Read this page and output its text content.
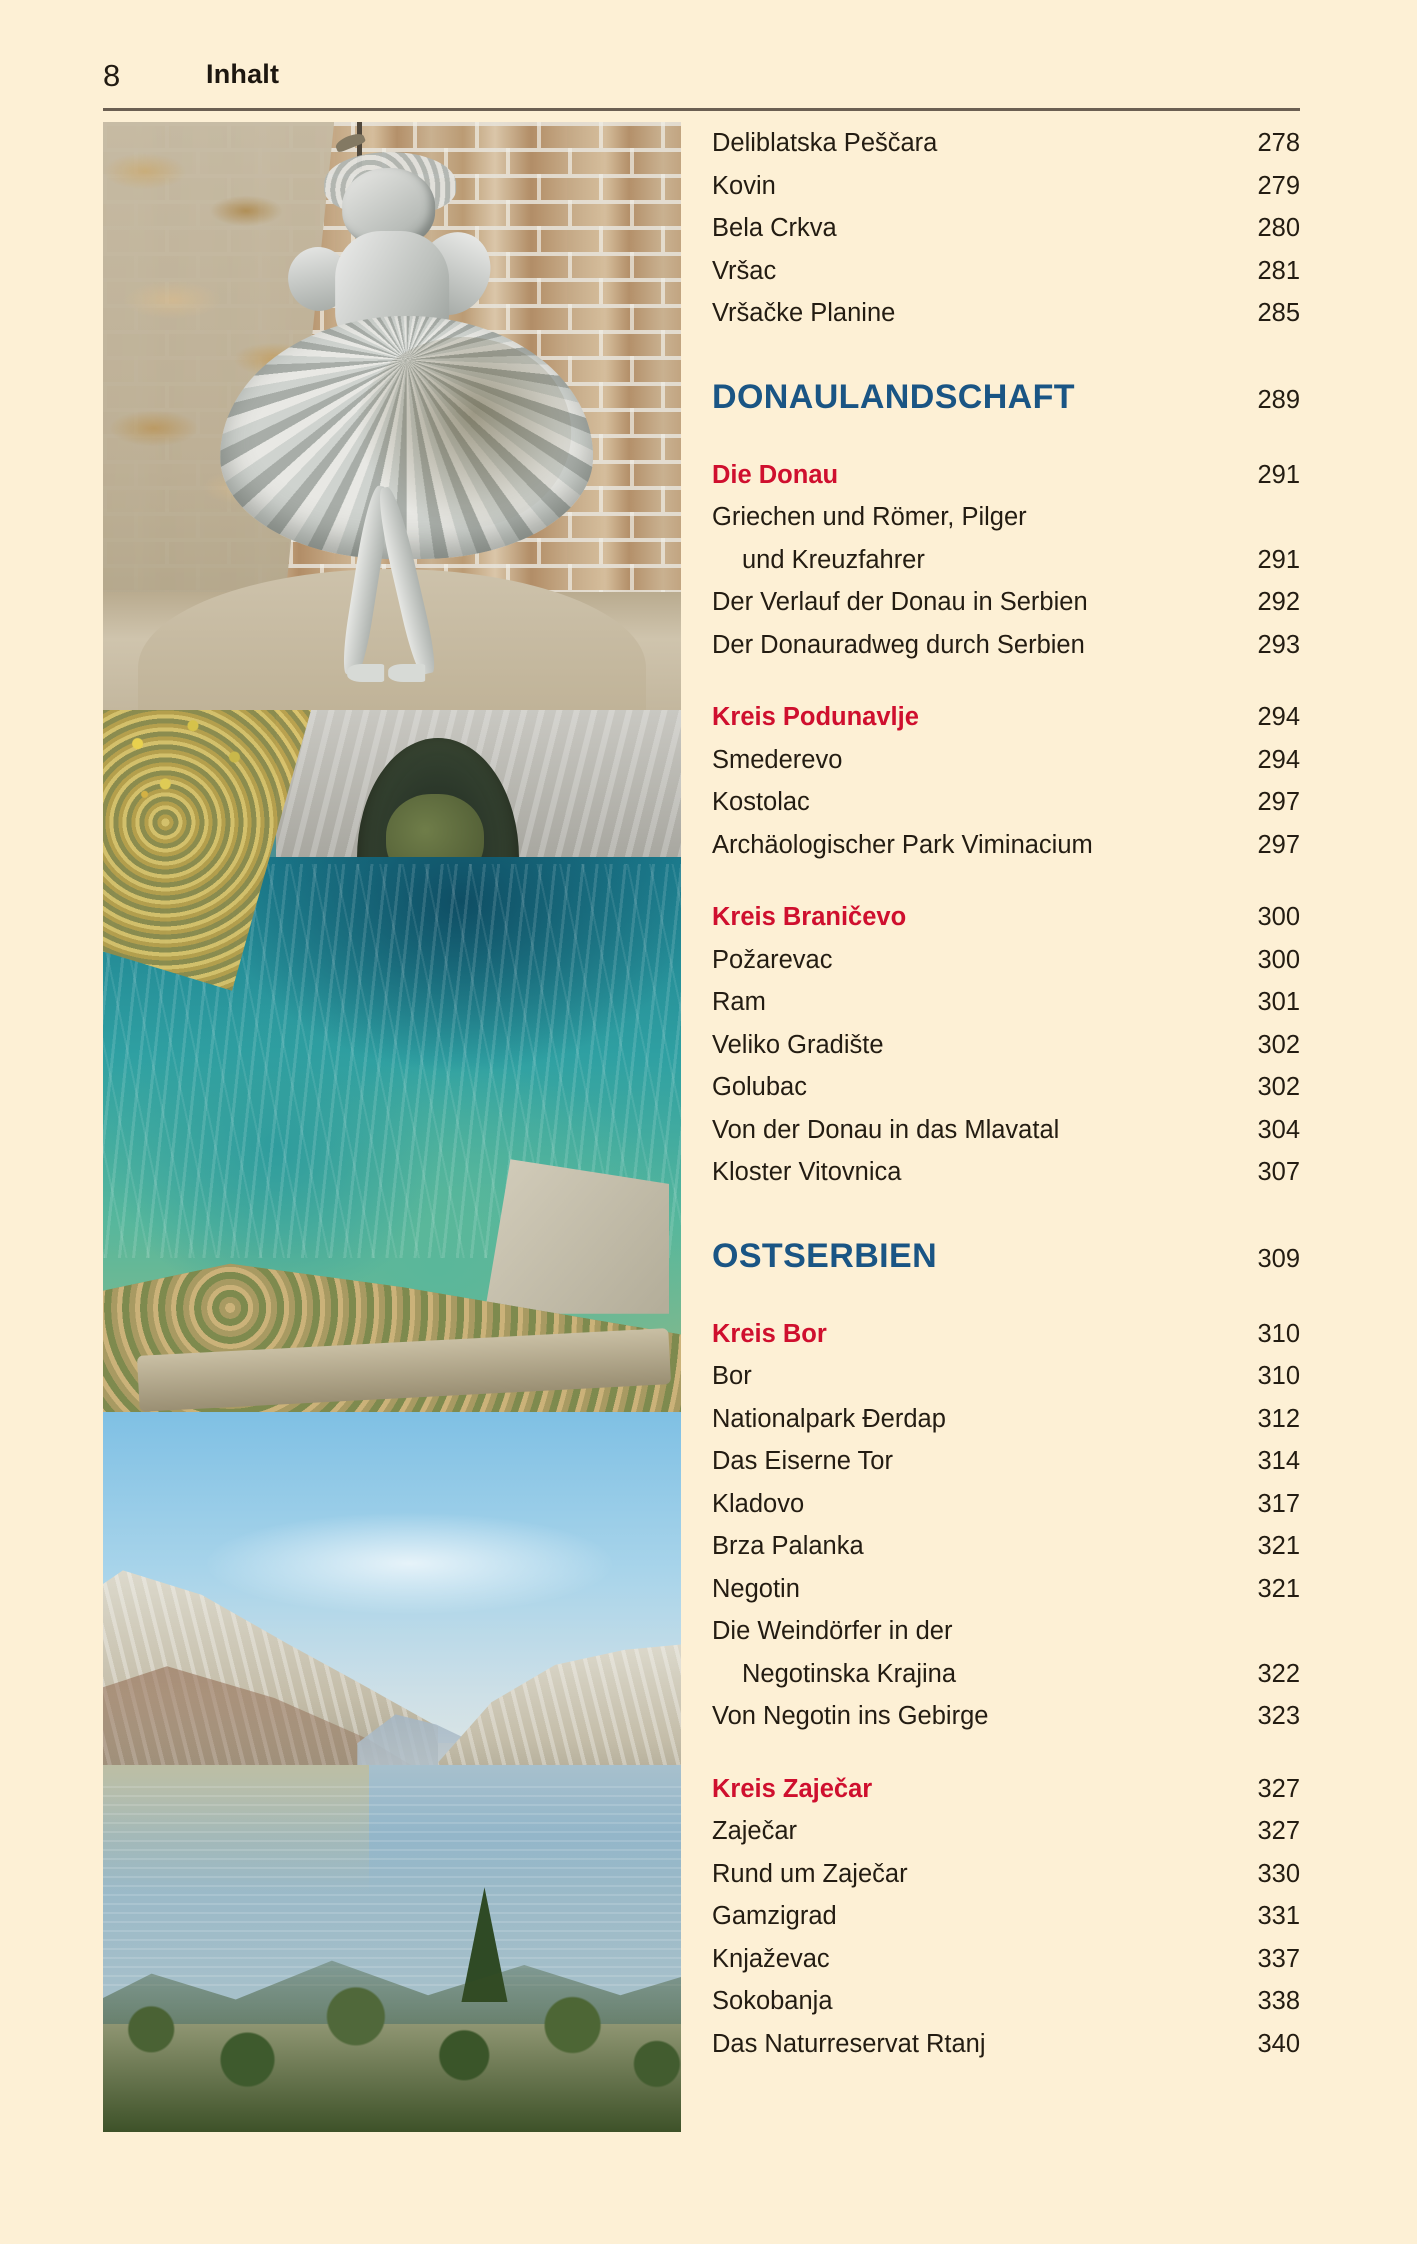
8	Inhalt
Deliblatska Peščara	278
Kovin	279
Bela Crkva	280
Vršac	281
Vršačke Planine	285
DONAULANDSCHAFT	289
Die Donau	291
Griechen und Römer, Pilger
und Kreuzfahrer	291
Der Verlauf der Donau in Serbien	292
Der Donauradweg durch Serbien	293
Kreis Podunavlje	294
Smederevo	294
Kostolac	297
Archäologischer Park Viminacium	297
Kreis Braničevo	300
Požarevac	300
Ram	301
Veliko Gradište	302
Golubac	302
Von der Donau in das Mlavatal	304
Kloster Vitovnica	307
OSTSERBIEN	309
Kreis Bor	310
Bor	310
Nationalpark Đerdap	312
Das Eiserne Tor	314
Kladovo	317
Brza Palanka	321
Negotin	321
Die Weindörfer in der
Negotinska Krajina	322
Von Negotin ins Gebirge	323
Kreis Zaječar	327
Zaječar	327
Rund um Zaječar	330
Gamzigrad	331
Knjaževac	337
Sokobanja	338
Das Naturreservat Rtanj	340
